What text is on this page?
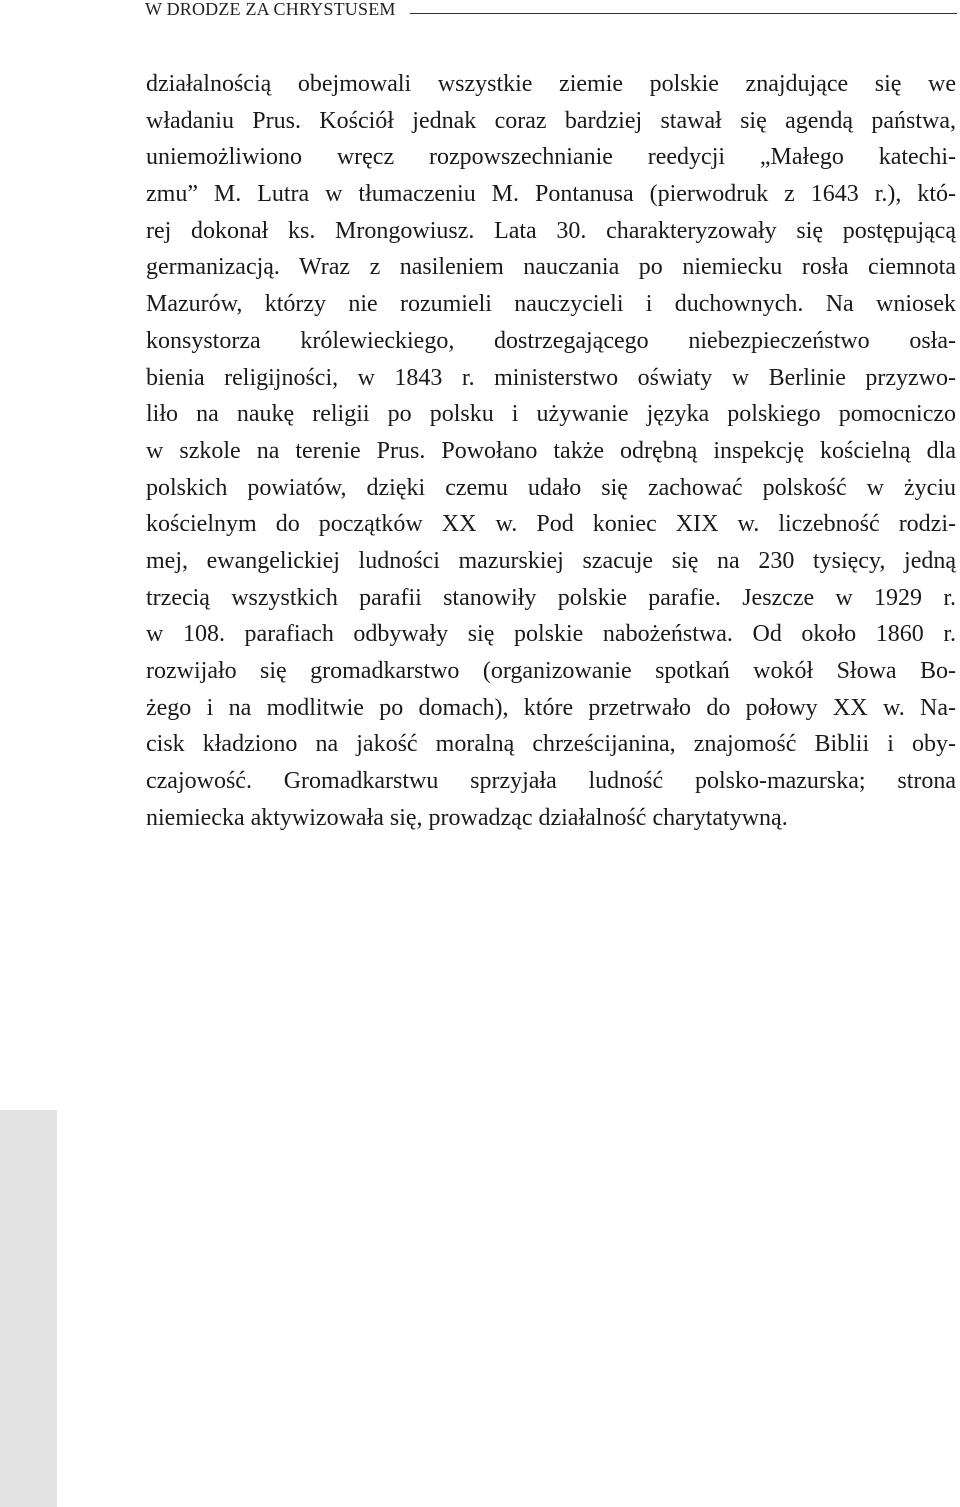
W DRODZE ZA CHRYSTUSEM
działalnością obejmowali wszystkie ziemie polskie znajdujące się we
władaniu Prus. Kościół jednak coraz bardziej stawał się agendą państwa,
uniemożliwiono wręcz rozpowszechnianie reedycji „Małego katechi-
zmu” M. Lutra w tłumaczeniu M. Pontanusa (pierwodruk z 1643 r.), któ-
rej dokonał ks. Mrongowiusz. Lata 30. charakteryzowały się postępującą
germanizacją. Wraz z nasileniem nauczania po niemiecku rosła ciemnota
Mazurów, którzy nie rozumieli nauczycieli i duchownych. Na wniosek
konsystorza królewieckiego, dostrzegającego niebezpieczeństwo osła-
bienia religijności, w 1843 r. ministerstwo oświaty w Berlinie przyzwo-
liło na naukę religii po polsku i używanie języka polskiego pomocniczo
w szkole na terenie Prus. Powołano także odrębną inspekcję kościelną dla
polskich powiatów, dzięki czemu udało się zachować polskość w życiu
kościelnym do początków XX w. Pod koniec XIX w. liczebność rodzi-
mej, ewangelickiej ludności mazurskiej szacuje się na 230 tysięcy, jedną
trzecią wszystkich parafii stanowiły polskie parafie. Jeszcze w 1929 r.
w 108. parafiach odbywały się polskie nabożeństwa. Od około 1860 r.
rozwijało się gromadkarstwo (organizowanie spotkań wokół Słowa Bo-
żego i na modlitwie po domach), które przetrwało do połowy XX w. Na-
cisk kładziono na jakość moralną chrześcijanina, znajomość Biblii i oby-
czajowość. Gromadkarstwu sprzyjała ludność polsko-mazurska; strona
niemiecka aktywizowała się, prowadząc działalność charytatywną.
